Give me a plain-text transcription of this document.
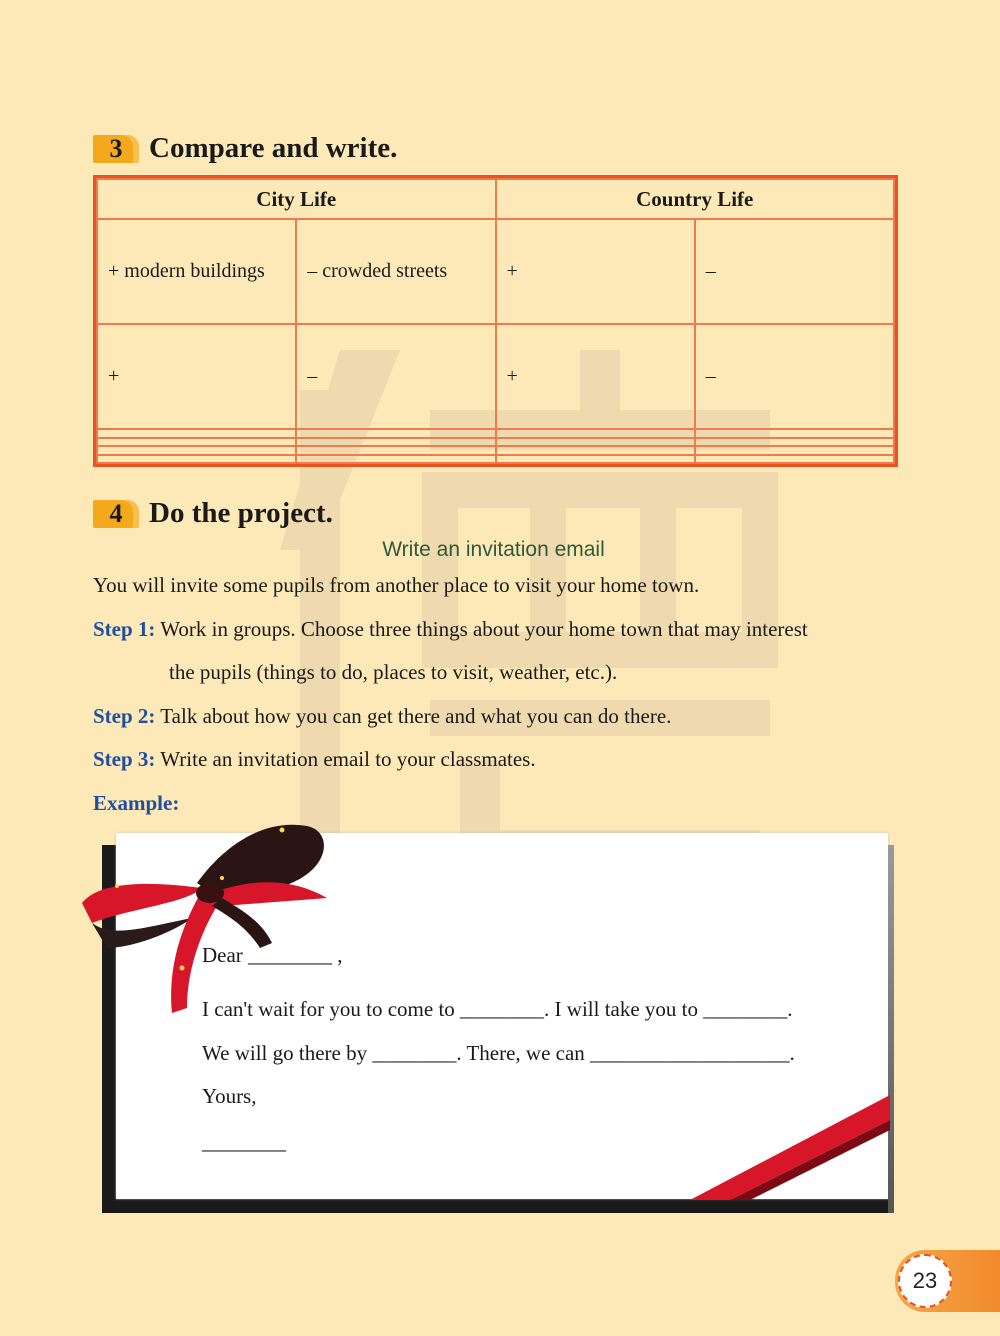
3 Compare and write.
City Life		Country Life	
+ modern buildings	– crowded streets	+	–
+	–	+	–

4 Do the project.
Write an invitation email
You will invite some pupils from another place to visit your home town.
Step 1: Work in groups. Choose three things about your home town that may interest
the pupils (things to do, places to visit, weather, etc.).
Step 2: Talk about how you can get there and what you can do there.
Step 3: Write an invitation email to your classmates.
Example:
Dear ________ ,
I can't wait for you to come to ________. I will take you to ________.
We will go there by ________. There, we can ___________________.
Yours,
________
23
